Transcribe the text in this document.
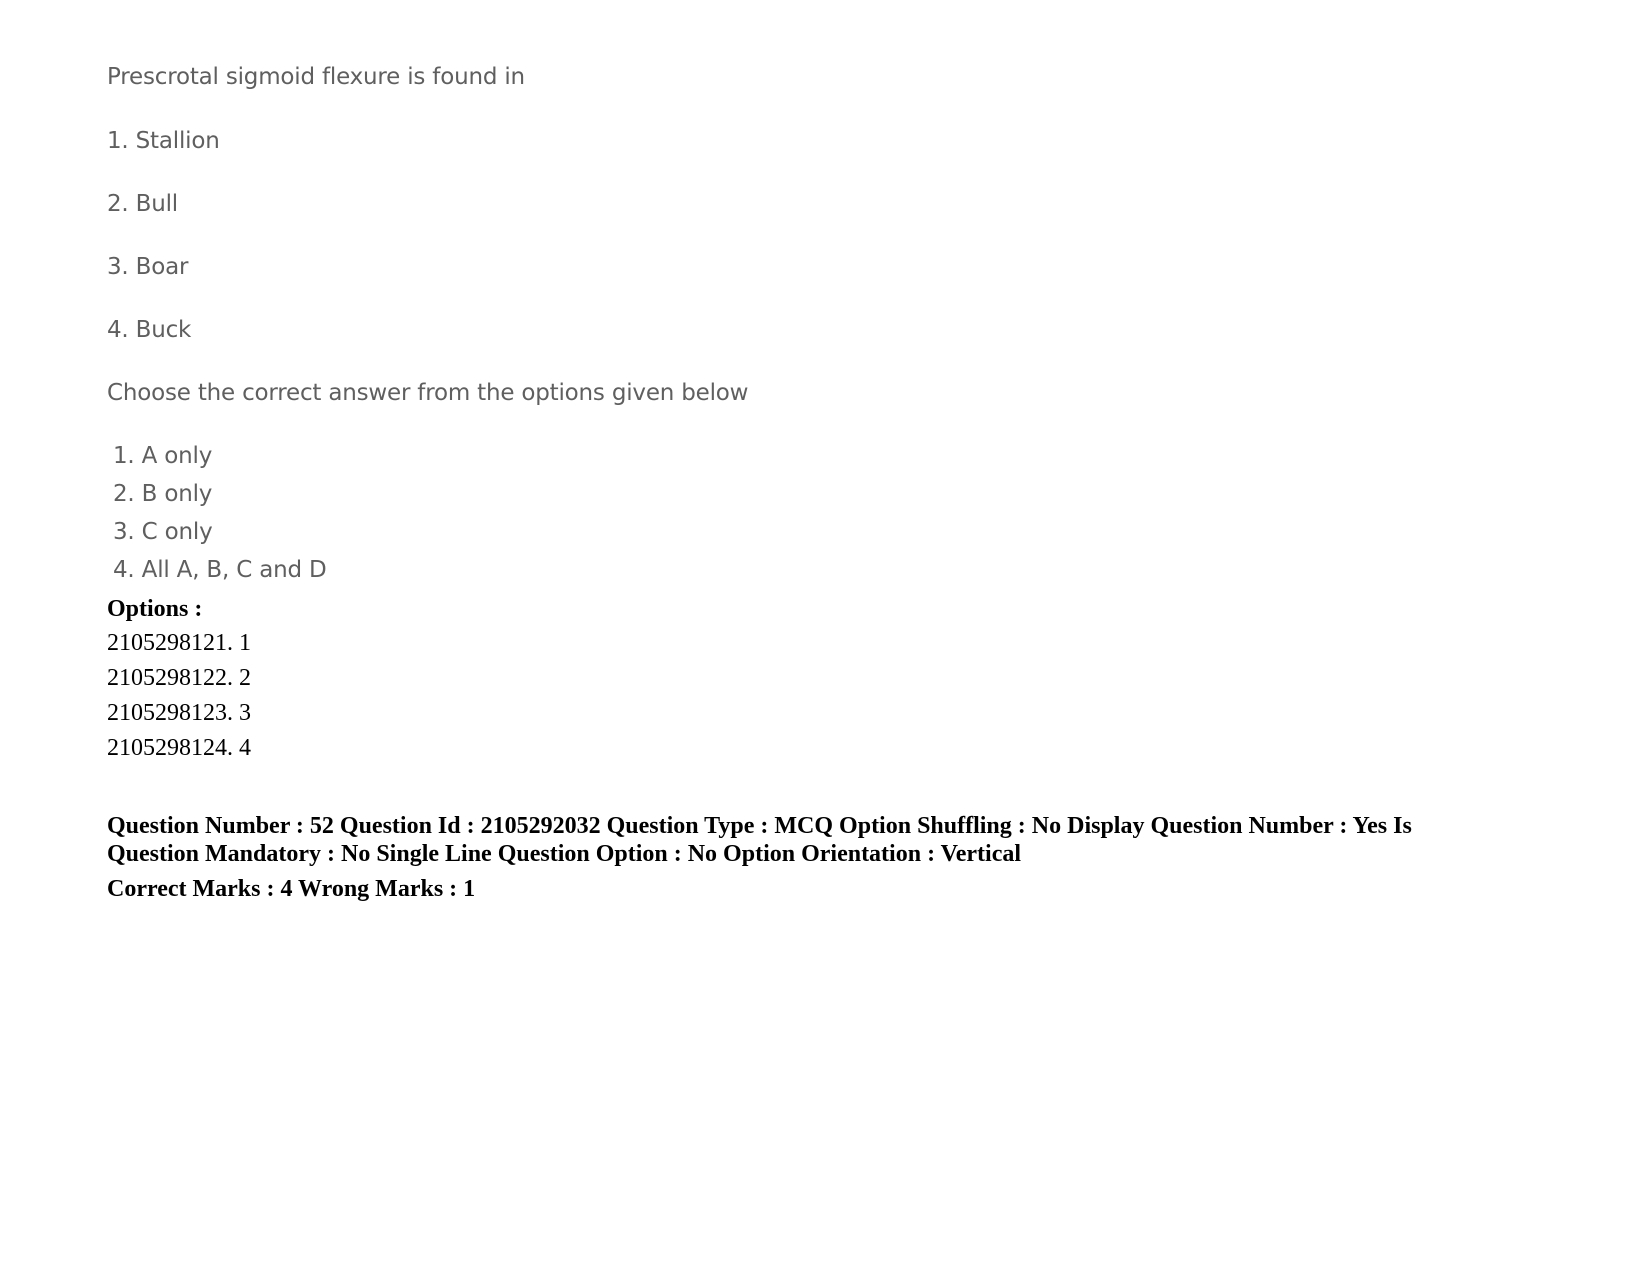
Prescrotal sigmoid flexure is found in
1. Stallion
2. Bull
3. Boar
4. Buck
Choose the correct answer from the options given below
1. A only
2. B only
3. C only
4. All A, B, C and D
Options :
2105298121. 1
2105298122. 2
2105298123. 3
2105298124. 4
Question Number : 52 Question Id : 2105292032 Question Type : MCQ Option Shuffling : No Display Question Number : Yes Is
Question Mandatory : No Single Line Question Option : No Option Orientation : Vertical
Correct Marks : 4 Wrong Marks : 1
